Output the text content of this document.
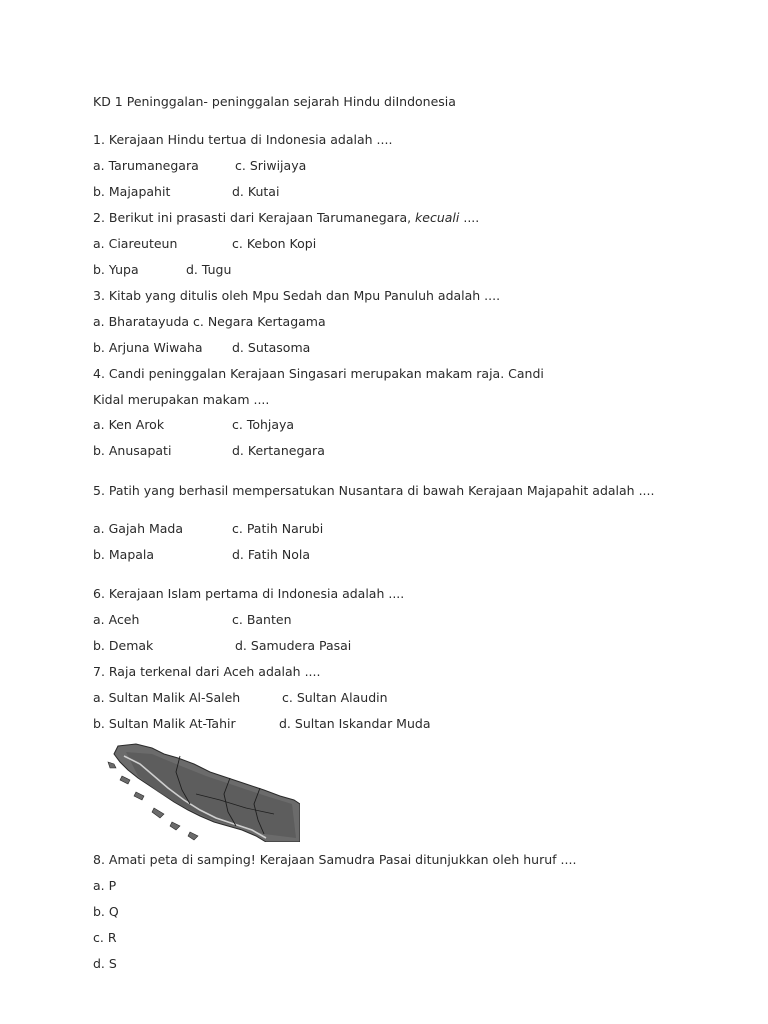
KD 1 Peninggalan- peninggalan sejarah Hindu diIndonesia
1. Kerajaan Hindu tertua di Indonesia adalah ....
a. Tarumanegara	c. Sriwijaya
b. Majapahit	d. Kutai
2. Berikut ini prasasti dari Kerajaan Tarumanegara, kecuali ....
a. Ciareuteun	c. Kebon Kopi
b. Yupa	d. Tugu
3. Kitab yang ditulis oleh Mpu Sedah dan Mpu Panuluh adalah ....
a. Bharatayuda c. Negara Kertagama
b. Arjuna Wiwaha d. Sutasoma
4. Candi peninggalan Kerajaan Singasari merupakan makam raja. Candi
Kidal merupakan makam ....
a. Ken Arok	c. Tohjaya
b. Anusapati	d. Kertanegara
5. Patih yang berhasil mempersatukan Nusantara di bawah Kerajaan Majapahit adalah ....
a. Gajah Mada	c. Patih Narubi
b. Mapala	d. Fatih Nola
6. Kerajaan Islam pertama di Indonesia adalah ....
a. Aceh	c. Banten
b. Demak	d. Samudera Pasai
7. Raja terkenal dari Aceh adalah ....
a. Sultan Malik Al-Saleh	c. Sultan Alaudin
b. Sultan Malik At-Tahir	d. Sultan Iskandar Muda
8. Amati peta di samping! Kerajaan Samudra Pasai ditunjukkan oleh huruf ....
a. P
b. Q
c. R
d. S
